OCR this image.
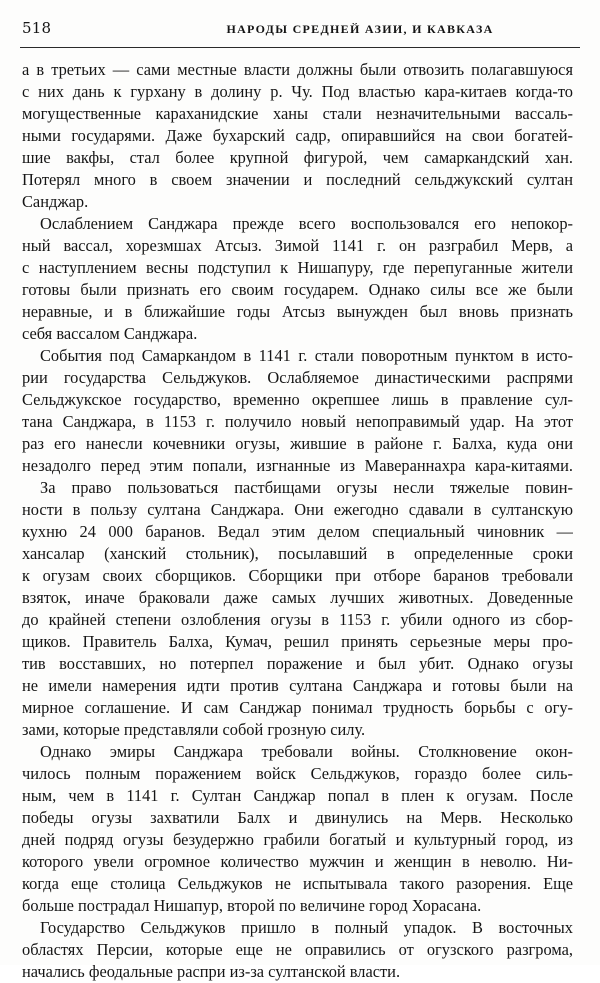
518	НАРОДЫ СРЕДНЕЙ АЗИИ, И КАВКАЗА
а в третьих — сами местные власти должны были отвозить полагавшуюся
с них дань к гурхану в долину р. Чу. Под властью кара-китаев когда-то
могущественные караханидские ханы стали незначительными вассаль-
ными государями. Даже бухарский садр, опиравшийся на свои богатей-
шие вакфы, стал более крупной фигурой, чем самаркандский хан.
Потерял много в своем значении и последний сельджукский султан
Санджар.
Ослаблением Санджара прежде всего воспользовался его непокор-
ный вассал, хорезмшах Атсыз. Зимой 1141 г. он разграбил Мерв, а
с наступлением весны подступил к Нишапуру, где перепуганные жители
готовы были признать его своим государем. Однако силы все же были
неравные, и в ближайшие годы Атсыз вынужден был вновь признать
себя вассалом Санджара.
События под Самаркандом в 1141 г. стали поворотным пунктом в исто-
рии государства Сельджуков. Ослабляемое династическими распрями
Сельджукское государство, временно окрепшее лишь в правление сул-
тана Санджара, в 1153 г. получило новый непоправимый удар. На этот
раз его нанесли кочевники огузы, жившие в районе г. Балха, куда они
незадолго перед этим попали, изгнанные из Мавераннахра кара-китаями.
За право пользоваться пастбищами огузы несли тяжелые повин-
ности в пользу султана Санджара. Они ежегодно сдавали в султанскую
кухню 24 000 баранов. Ведал этим делом специальный чиновник —
хансалар (ханский стольник), посылавший в определенные сроки
к огузам своих сборщиков. Сборщики при отборе баранов требовали
взяток, иначе браковали даже самых лучших животных. Доведенные
до крайней степени озлобления огузы в 1153 г. убили одного из сбор-
щиков. Правитель Балха, Кумач, решил принять серьезные меры про-
тив восставших, но потерпел поражение и был убит. Однако огузы
не имели намерения идти против султана Санджара и готовы были на
мирное соглашение. И сам Санджар понимал трудность борьбы с огу-
зами, которые представляли собой грозную силу.
Однако эмиры Санджара требовали войны. Столкновение окон-
чилось полным поражением войск Сельджуков, гораздо более силь-
ным, чем в 1141 г. Султан Санджар попал в плен к огузам. После
победы огузы захватили Балх и двинулись на Мерв. Несколько
дней подряд огузы безудержно грабили богатый и культурный город, из
которого увели огромное количество мужчин и женщин в неволю. Ни-
когда еще столица Сельджуков не испытывала такого разорения. Еще
больше пострадал Нишапур, второй по величине город Хорасана.
Государство Сельджуков пришло в полный упадок. В восточных
областях Персии, которые еще не оправились от огузского разгрома,
начались феодальные распри из-за султанской власти.
